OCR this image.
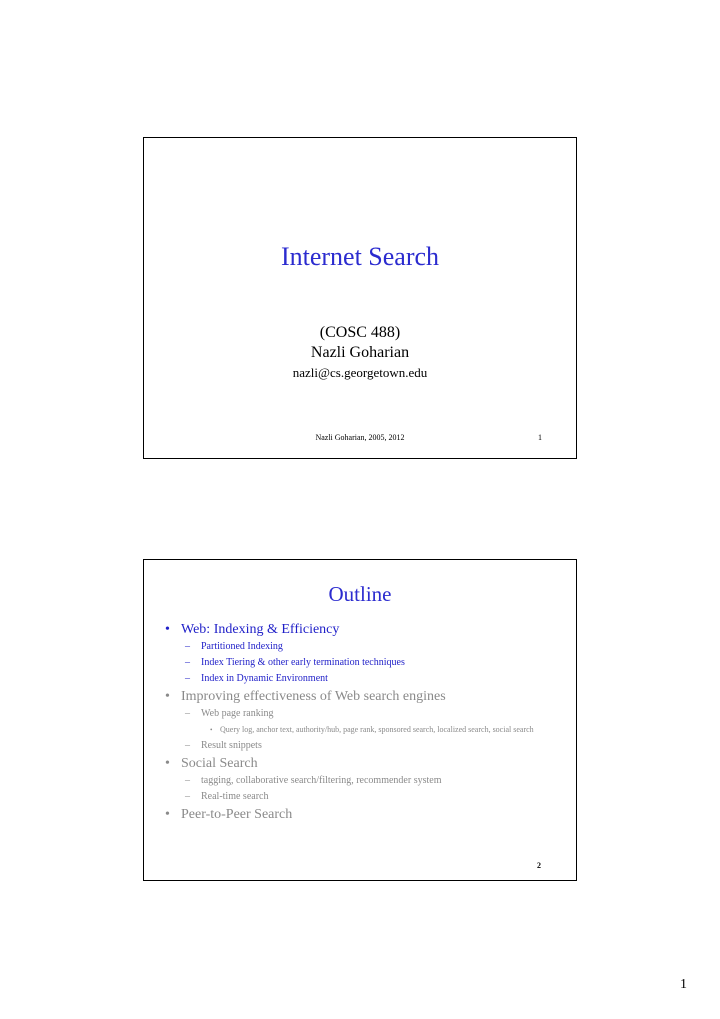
Internet Search
(COSC 488)
Nazli Goharian
nazli@cs.georgetown.edu
Nazli Goharian, 2005, 2012	1
Outline
• Web: Indexing & Efficiency
– Partitioned Indexing
– Index Tiering & other early termination techniques
– Index in Dynamic Environment
• Improving effectiveness of Web search engines
– Web page ranking
• Query log, anchor text, authority/hub, page rank, sponsored search, localized search, social search
– Result snippets
• Social Search
– tagging, collaborative search/filtering, recommender system
– Real-time search
• Peer-to-Peer Search
2
1
